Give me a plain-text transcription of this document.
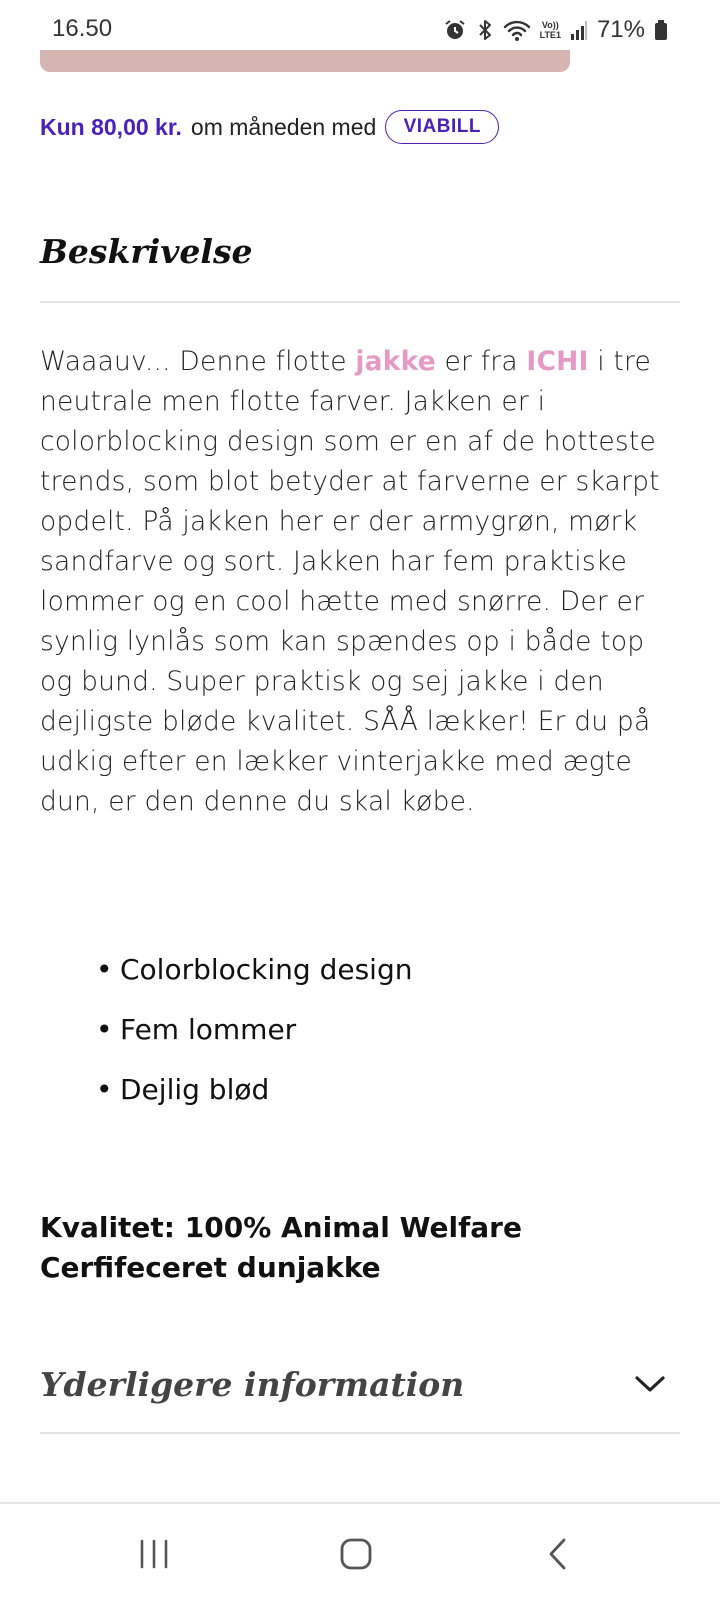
16.50	Vo))
LTE1 71%
Kun 80,00 kr. om måneden med	VIABILL
Beskrivelse

Waaauv... Denne flotte jakke er fra ICHI i tre neutrale men flotte farver. Jakken er i colorblocking design som er en af de hotteste trends, som blot betyder at farverne er skarpt opdelt. På jakken her er der armygrøn, mørk sandfarve og sort. Jakken har fem praktiske lommer og en cool hætte med snørre. Der er synlig lynlås som kan spændes op i både top og bund. Super praktisk og sej jakke i den dejligste bløde kvalitet. SÅÅ lækker! Er du på udkig efter en lækker vinterjakke med ægte dun, er den denne du skal købe.

• Colorblocking design
• Fem lommer
• Dejlig blød

Kvalitet: 100% Animal Welfare Cerfifeceret dunjakke

Yderligere information
